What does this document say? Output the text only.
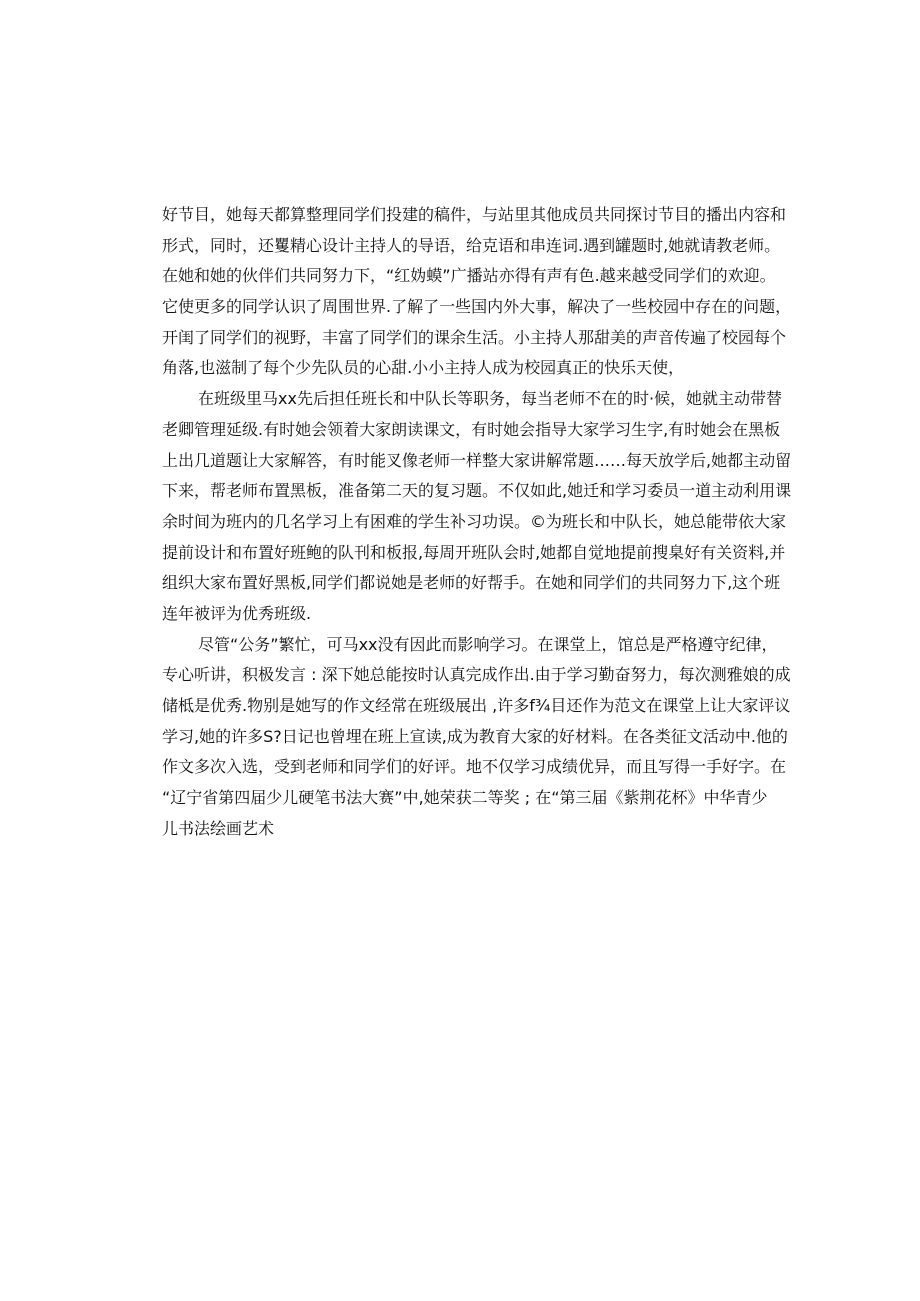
好节目，她每天都算整理同学们投建的稿件，与站里其他成员共同探讨节目的播出内容和
形式，同时，还矍精心设计主持人的导语，给克语和串连词.遇到罐题时,她就请教老师。
在她和她的伙伴们共同努力下，“红妫蟆”广播站亦得有声有色.越来越受同学们的欢迎。
它使更多的同学认识了周围世界.了解了一些国内外大事，解决了一些校园中存在的问题，
开闺了同学们的视野，丰富了同学们的课余生活。小主持人那甜美的声音传遍了校园每个
角落,也滋制了每个少先队员的心甜.小小主持人成为校园真正的快乐天使，
在班级里马xx先后担任班长和中队长等职务，每当老师不在的时·候，她就主动带替
老卿管理延级.有时她会领着大家朗读课文，有时她会指导大家学习生字,有时她会在黑板
上出几道题让大家解答，有时能叉像老师一样整大家讲解常题……每天放学后,她都主动留
下来，帮老师布置黑板，准备第二天的复习题。不仅如此,她迁和学习委员一道主动利用课
余时间为班内的几名学习上有困难的学生补习功误。©为班长和中队长，她总能带依大家
提前设计和布置好班鲍的队刊和板报,每周开班队会时,她都自觉地提前搜臬好有关资料,并
组织大家布置好黑板,同学们都说她是老师的好帮手。在她和同学们的共同努力下,这个班
连年被评为优秀班级.
尽管“公务”繁忙，可马xx没有因此而影响学习。在课堂上，馆总是严格遵守纪律，
专心听讲，积极发言 : 深下她总能按时认真完成作出.由于学习勤奋努力，每次测雅娘的成
储柢是优秀.物别是她写的作文经常在班级展出 ,许多f¾目还作为范文在课堂上让大家评议
学习,她的许多S?日记也曾埋在班上宣读,成为教育大家的好材料。在各类征文活动中.他的
作文多次入选，受到老师和同学们的好评。地不仅学习成绩优异，而且写得一手好字。在
“辽宁省第四届少儿硬笔书法大赛”中,她荣获二等奖 ; 在“第三届《紫荆花杯》中华青少
儿书法绘画艺术
